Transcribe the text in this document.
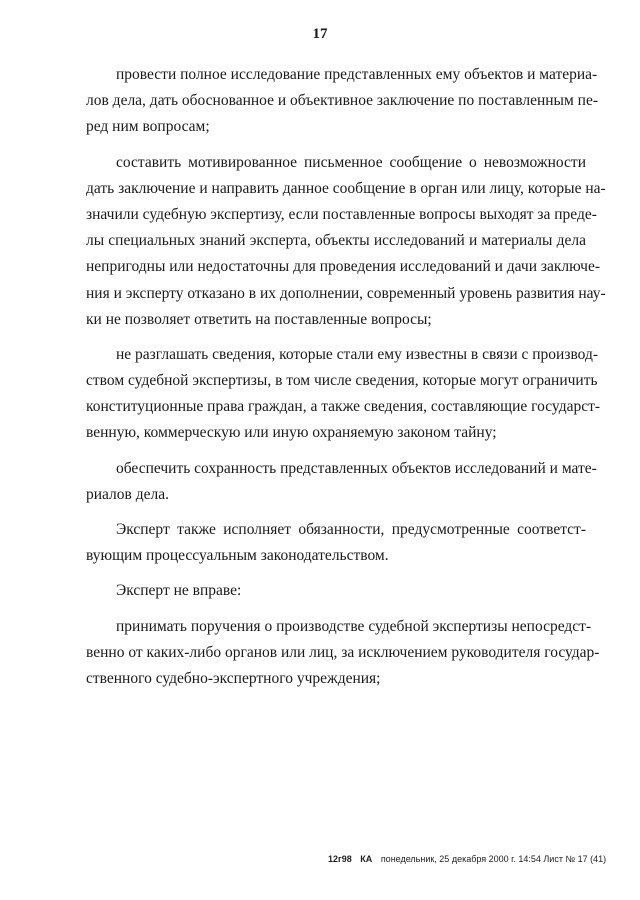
17
провести полное исследование представленных ему объектов и материа-
лов дела, дать обоснованное и объективное заключение по поставленным пе-
ред ним вопросам;
составить мотивированное письменное сообщение о невозможности
дать заключение и направить данное сообщение в орган или лицу, которые на-
значили судебную экспертизу, если поставленные вопросы выходят за преде-
лы специальных знаний эксперта, объекты исследований и материалы дела
непригодны или недостаточны для проведения исследований и дачи заключе-
ния и эксперту отказано в их дополнении, современный уровень развития нау-
ки не позволяет ответить на поставленные вопросы;
не разглашать сведения, которые стали ему известны в связи с производ-
ством судебной экспертизы, в том числе сведения, которые могут ограничить
конституционные права граждан, а также сведения, составляющие государст-
венную, коммерческую или иную охраняемую законом тайну;
обеспечить сохранность представленных объектов исследований и мате-
риалов дела.
Эксперт также исполняет обязанности, предусмотренные соответст-
вующим процессуальным законодательством.
Эксперт не вправе:
принимать поручения о производстве судебной экспертизы непосредст-
венно от каких-либо органов или лиц, за исключением руководителя государ-
ственного судебно-экспертного учреждения;
12г98 КА понедельник, 25 декабря 2000 г. 14:54 Лист № 17 (41)
